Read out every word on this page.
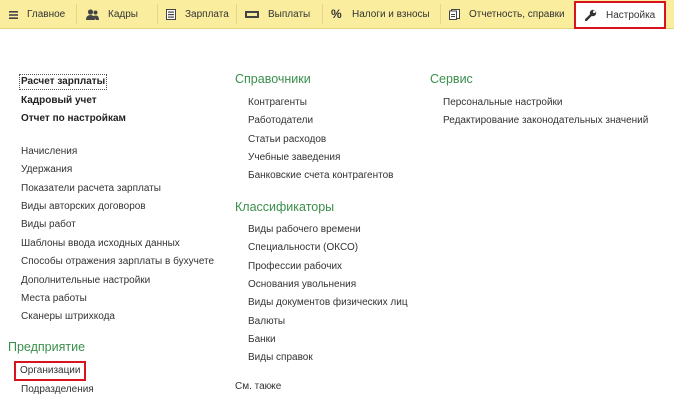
Главное	Кадры	Зарплата	Выплаты % Налоги и взносы	Отчетность, справки	Настройка
Расчет зарплаты
Кадровый учет
Отчет по настройкам
Начисления
Удержания
Показатели расчета зарплаты
Виды авторских договоров
Виды работ
Шаблоны ввода исходных данных
Способы отражения зарплаты в бухучете
Дополнительные настройки
Места работы
Сканеры штрихкода
Предприятие
Организации
Подразделения
Справочники
Контрагенты
Работодатели
Статьи расходов
Учебные заведения
Банковские счета контрагентов
Классификаторы
Виды рабочего времени
Специальности (ОКСО)
Профессии рабочих
Основания увольнения
Виды документов физических лиц
Валюты
Банки
Виды справок
См. также
Сервис
Персональные настройки
Редактирование законодательных значений
